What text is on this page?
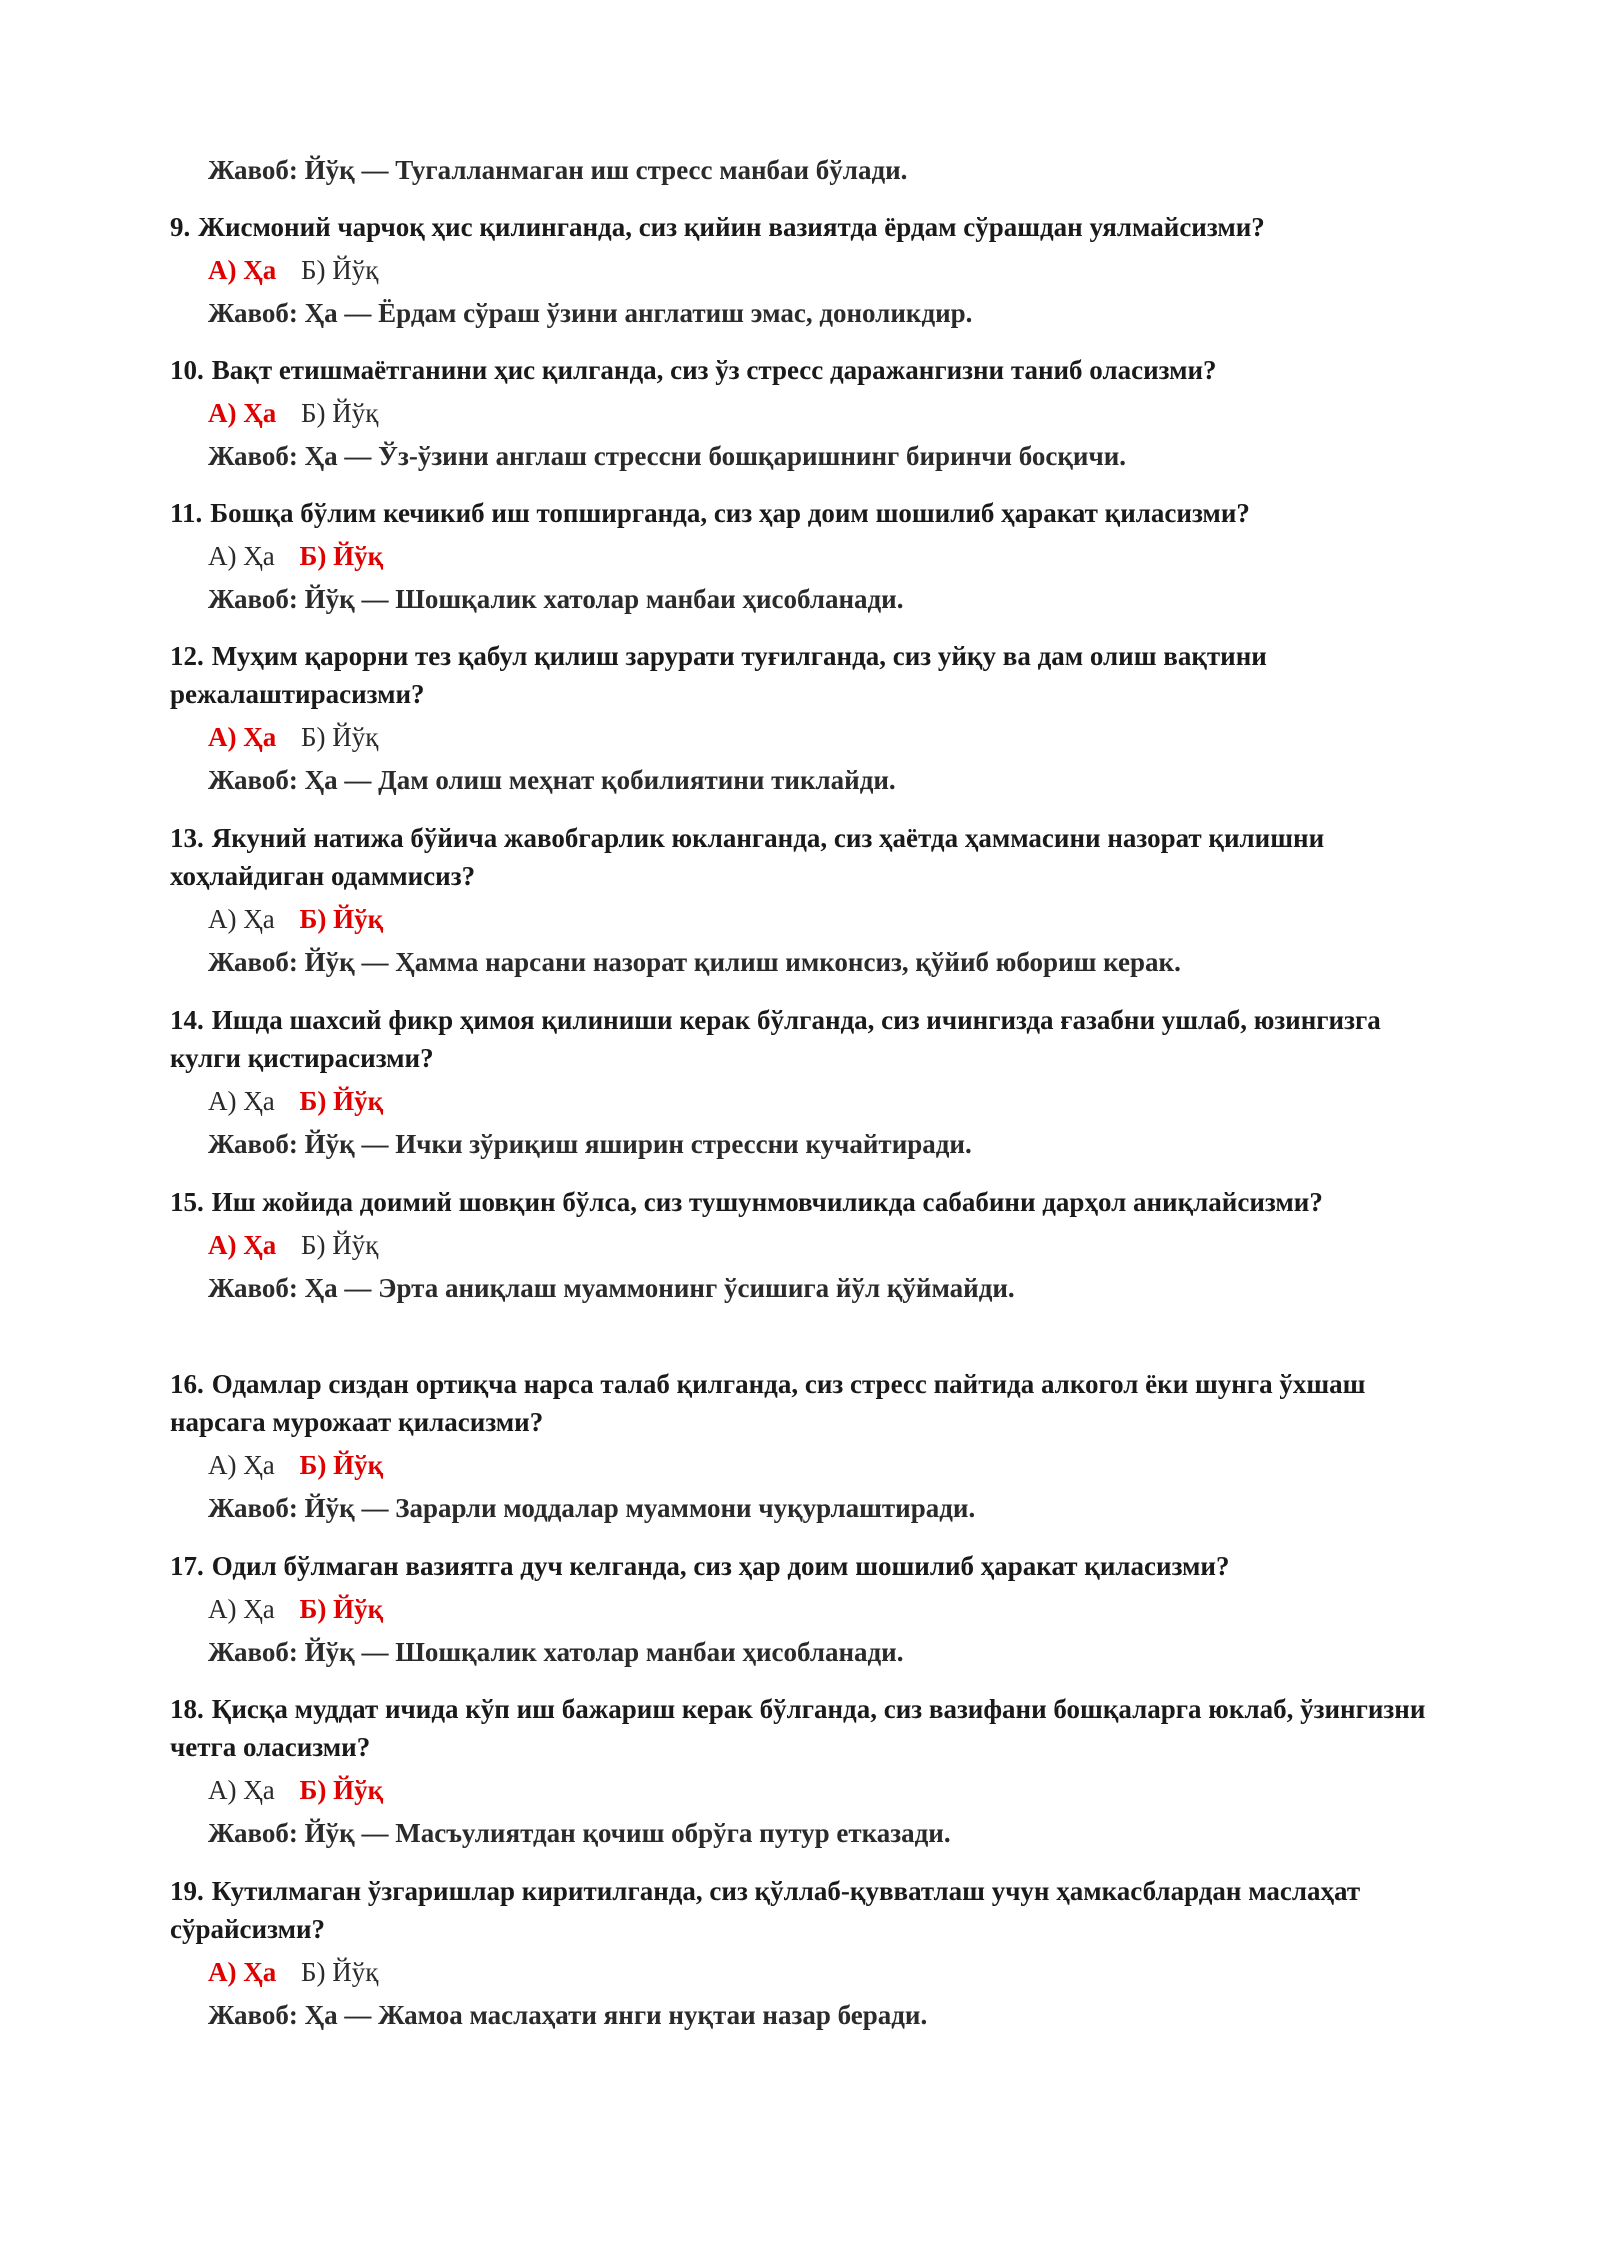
Жавоб: Йўқ — Тугалланмаган иш стресс манбаи бўлади.
9. Жисмоний чарчоқ ҳис қилинганда, сиз қийин вазиятда ёрдам сўрашдан уялмайсизми?
А) Ҳа Б) Йўқ
Жавоб: Ҳа — Ёрдам сўраш ўзини англатиш эмас, доноликдир.
10. Вақт етишмаётганини ҳис қилганда, сиз ўз стресс даражангизни таниб оласизми?
А) Ҳа Б) Йўқ
Жавоб: Ҳа — Ўз-ўзини англаш стрессни бошқаришнинг биринчи босқичи.
11. Бошқа бўлим кечикиб иш топширганда, сиз ҳар доим шошилиб ҳаракат қиласизми?
А) Ҳа Б) Йўқ
Жавоб: Йўқ — Шошқалик хатолар манбаи ҳисобланади.
12. Муҳим қарорни тез қабул қилиш зарурати туғилганда, сиз уйқу ва дам олиш вақтини режалаштирасизми?
А) Ҳа Б) Йўқ
Жавоб: Ҳа — Дам олиш меҳнат қобилиятини тиклайди.
13. Якуний натижа бўйича жавобгарлик юкланганда, сиз ҳаётда ҳаммасини назорат қилишни хоҳлайдиган одаммисиз?
А) Ҳа Б) Йўқ
Жавоб: Йўқ — Ҳамма нарсани назорат қилиш имконсиз, қўйиб юбориш керак.
14. Ишда шахсий фикр ҳимоя қилиниши керак бўлганда, сиз ичингизда ғазабни ушлаб, юзингизга кулги қистирасизми?
А) Ҳа Б) Йўқ
Жавоб: Йўқ — Ички зўриқиш яширин стрессни кучайтиради.
15. Иш жойида доимий шовқин бўлса, сиз тушунмовчиликда сабабини дарҳол аниқлайсизми?
А) Ҳа Б) Йўқ
Жавоб: Ҳа — Эрта аниқлаш муаммонинг ўсишига йўл қўймайди.
16. Одамлар сиздан ортиқча нарса талаб қилганда, сиз стресс пайтида алкогол ёки шунга ўхшаш нарсага мурожаат қиласизми?
А) Ҳа Б) Йўқ
Жавоб: Йўқ — Зарарли моддалар муаммони чуқурлаштиради.
17. Одил бўлмаган вазиятга дуч келганда, сиз ҳар доим шошилиб ҳаракат қиласизми?
А) Ҳа Б) Йўқ
Жавоб: Йўқ — Шошқалик хатолар манбаи ҳисобланади.
18. Қисқа муддат ичида кўп иш бажариш керак бўлганда, сиз вазифани бошқаларга юклаб, ўзингизни четга оласизми?
А) Ҳа Б) Йўқ
Жавоб: Йўқ — Масъулиятдан қочиш обрўга путур етказади.
19. Кутилмаган ўзгаришлар киритилганда, сиз қўллаб-қувватлаш учун ҳамкасблардан маслаҳат сўрайсизми?
А) Ҳа Б) Йўқ
Жавоб: Ҳа — Жамоа маслаҳати янги нуқтаи назар беради.
